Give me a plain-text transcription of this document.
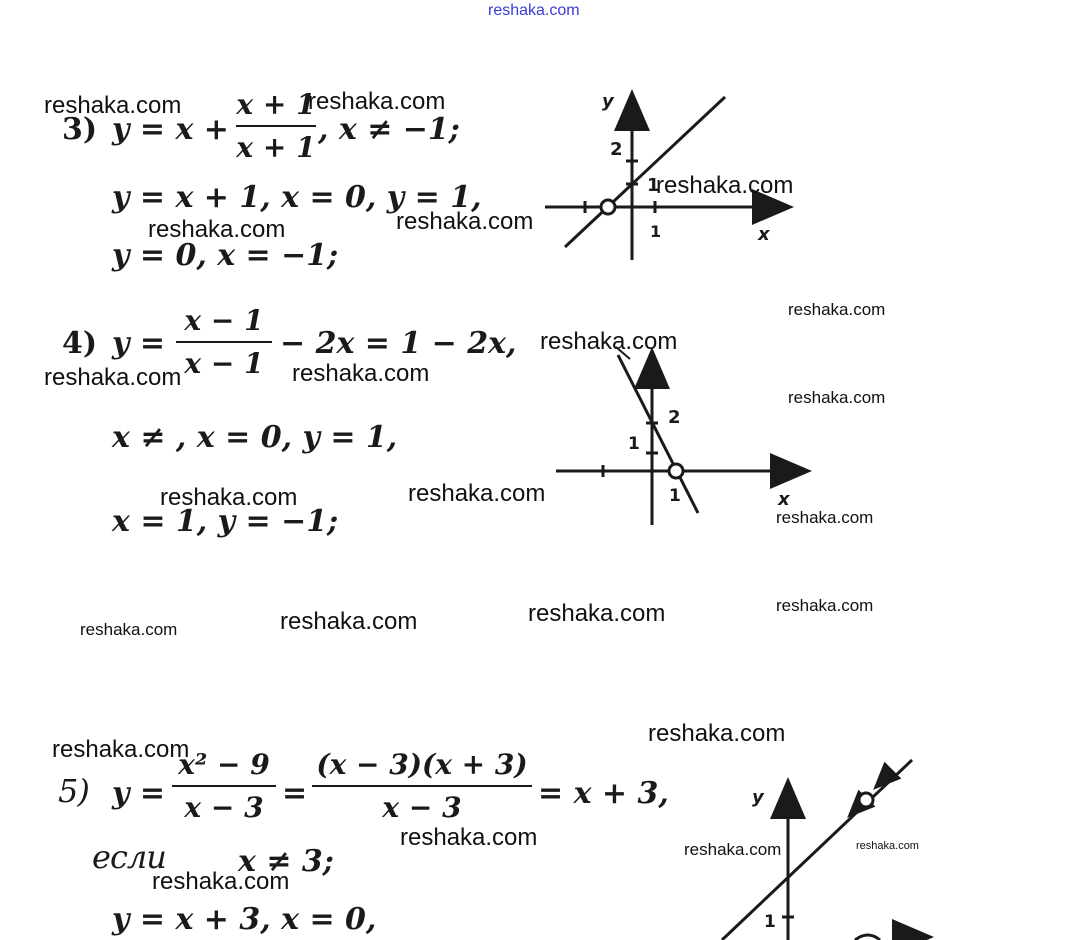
reshaka.com
3) y = x +
x + 1
x + 1
, x ≠ −1;
y = x + 1, x = 0, y = 1,
y = 0, x = −1;
y
x
2
1
1
4) y =
x − 1
x − 1
− 2x = 1 − 2x,
x ≠ , x = 0, y = 1,
x = 1, y = −1;
2
1
1	x
5) y =
x² − 9
x − 3 =
(x − 3)(x + 3)
x − 3	= x + 3,
если x ≠ 3;
y = x + 3, x = 0,
y
1
reshaka.com	reshaka.com
reshaka.com
reshaka.com	reshaka.com
reshaka.com
reshaka.com
reshaka.com	reshaka.com
reshaka.com
reshaka.com	reshaka.com
reshaka.com
reshaka.com	reshaka.com
reshaka.com
reshaka.com
reshaka.com
reshaka.com
reshaka.com	reshaka.com	reshaka.com
reshaka.com
